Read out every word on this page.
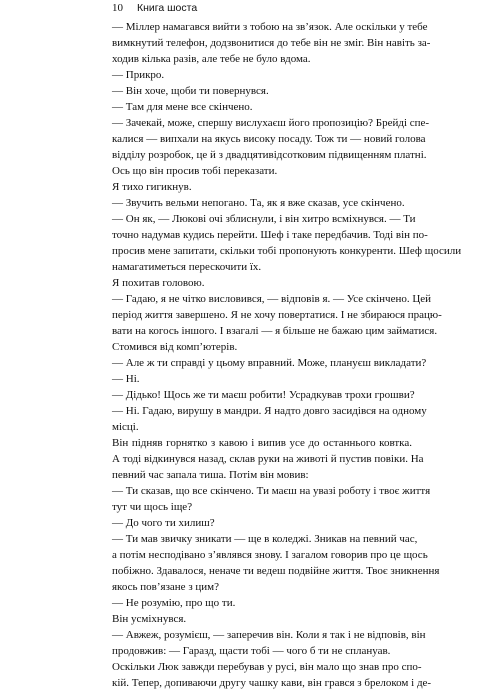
10 Книга шоста
— Міллер намагався вийти з тобою на зв’язок. Але оскільки у тебе
вимкнутий телефон, додзвонитися до тебе він не зміг. Він навіть за-
ходив кілька разів, але тебе не було вдома.
— Прикро.
— Він хоче, щоби ти повернувся.
— Там для мене все скінчено.
— Зачекай, може, спершу вислухаєш його пропозицію? Брейді спе-
калися — випхали на якусь високу посаду. Тож ти — новий голова
відділу розробок, це й з двадцятивідсотковим підвищенням платні.
Ось що він просив тобі переказати.
Я тихо гигикнув.
— Звучить вельми непогано. Та, як я вже сказав, усе скінчено.
— Он як, — Люкові очі зблиснули, і він хитро всміхнувся. — Ти
точно надумав кудись перейти. Шеф і таке передбачив. Тоді він по-
просив мене запитати, скільки тобі пропонують конкуренти. Шеф щосили
намагатиметься перескочити їх.
Я похитав головою.
— Гадаю, я не чітко висловився, — відповів я. — Усе скінчено. Цей
період життя завершено. Я не хочу повертатися. І не збираюся працю-
вати на когось іншого. І взагалі — я більше не бажаю цим займатися.
Стомився від комп’ютерів.
— Але ж ти справді у цьому вправний. Може, плануєш викладати?
— Ні.
— Дідько! Щось же ти маєш робити! Усpадкував трохи грошви?
— Ні. Гадаю, вирушу в мандри. Я надто довго засидівся на одному
місці.
Він підняв горнятко з кавою і випив усе до останнього ковтка.
А тоді відкинувся назад, склав руки на животі й пустив повіки. На
певний час запала тиша. Потім він мовив:
— Ти сказав, що все скінчено. Ти маєш на увазі роботу і твоє життя
тут чи щось іще?
— До чого ти хилиш?
— Ти мав звичку зникати — ще в коледжі. Зникав на певний час,
а потім несподівано з’являвся знову. І загалом говорив про це щось
побіжно. Здавалося, неначе ти ведеш подвійне життя. Твоє зникнення
якось пов’язане з цим?
— Не розумію, про що ти.
Він усміхнувся.
— Авжеж, розумієш, — заперечив він. Коли я так і не відповів, він
продовжив: — Гаразд, щасти тобі — чого б ти не сплануав.
Оскільки Люк завжди перебував у русі, він мало що знав про спо-
кій. Тепер, допиваючи другу чашку кави, він грався з брелоком і де-
